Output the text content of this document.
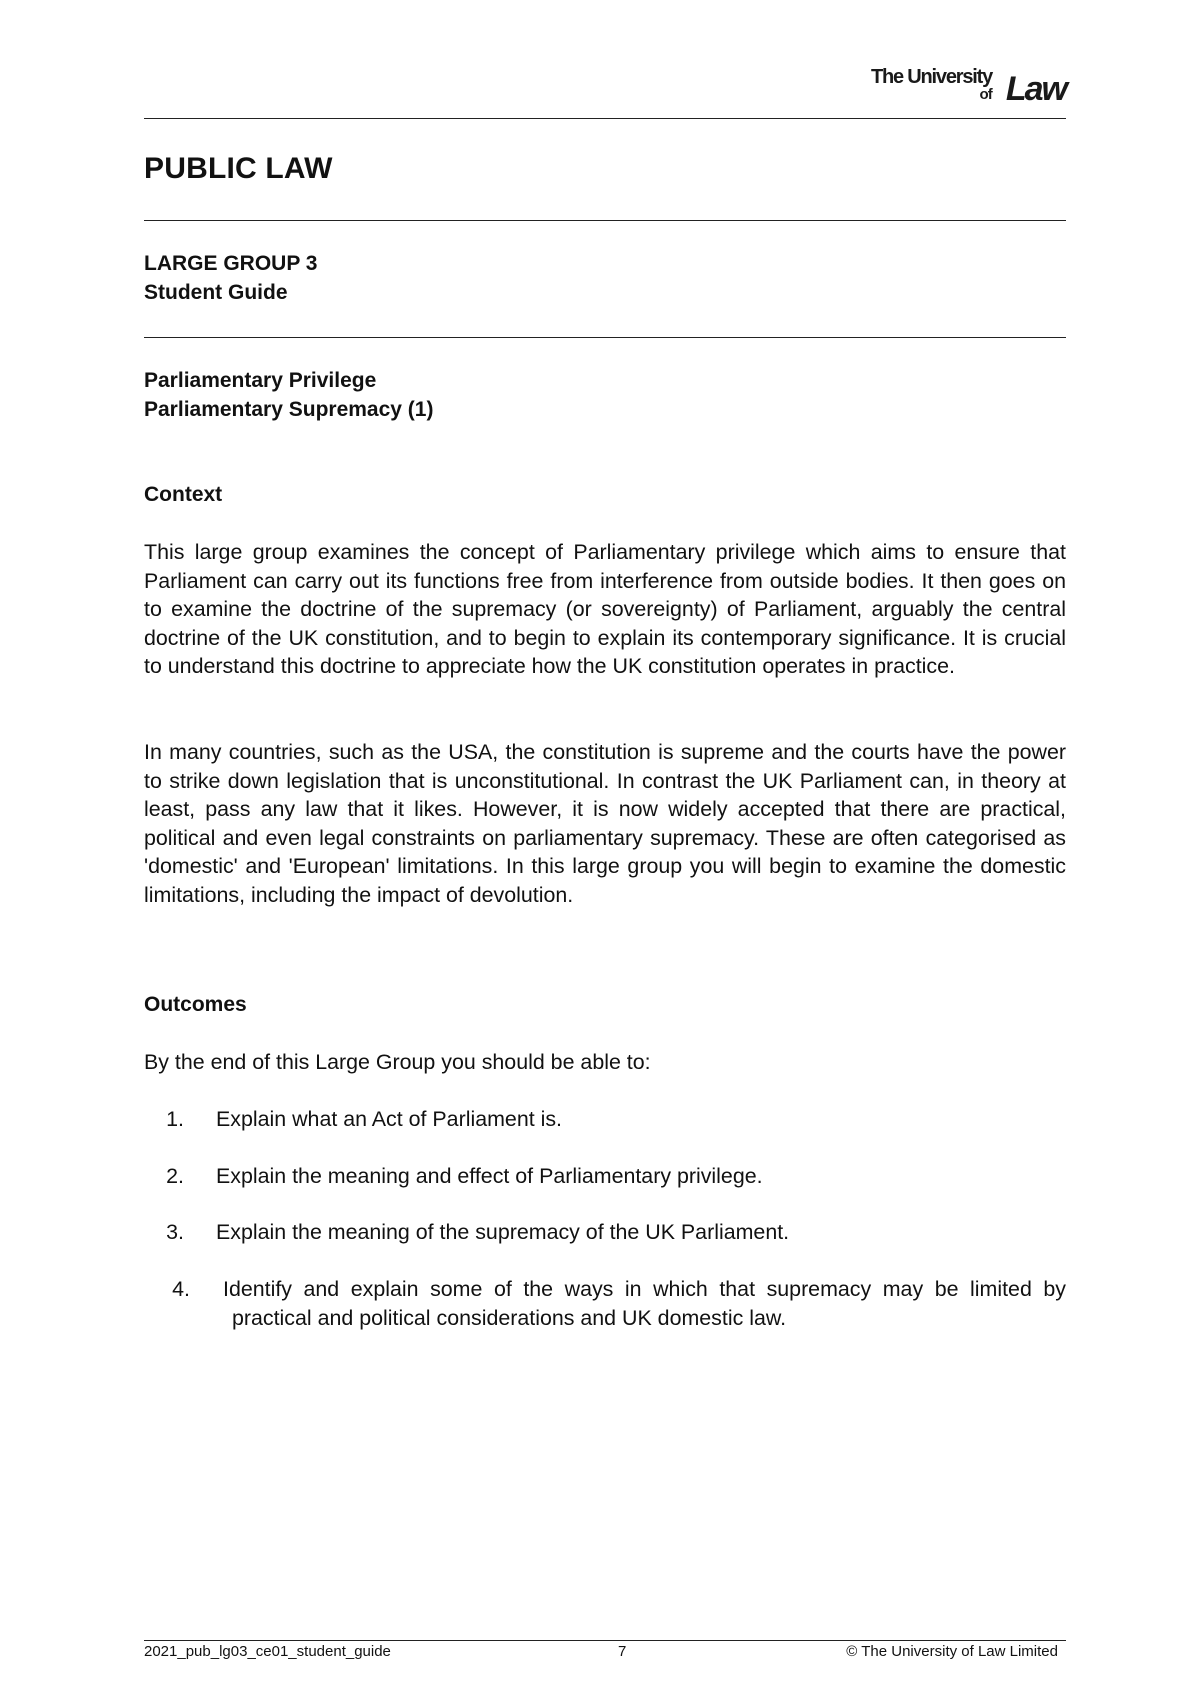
The University
of Law
PUBLIC LAW

LARGE GROUP 3

Student Guide

Parliamentary Privilege

Parliamentary Supremacy (1)

Context

This large group examines the concept of Parliamentary privilege which aims to ensure that Parliament can carry out its functions free from interference from outside bodies. It then goes on to examine the doctrine of the supremacy (or sovereignty) of Parliament, arguably the central doctrine of the UK constitution, and to begin to explain its contemporary significance. It is crucial to understand this doctrine to appreciate how the UK constitution operates in practice.

In many countries, such as the USA, the constitution is supreme and the courts have the power to strike down legislation that is unconstitutional. In contrast the UK Parliament can, in theory at least, pass any law that it likes. However, it is now widely accepted that there are practical, political and even legal constraints on parliamentary supremacy. These are often categorised as 'domestic' and 'European' limitations. In this large group you will begin to examine the domestic limitations, including the impact of devolution.

Outcomes

By the end of this Large Group you should be able to:

1. Explain what an Act of Parliament is.
2. Explain the meaning and effect of Parliamentary privilege.
3. Explain the meaning of the supremacy of the UK Parliament.
4. Identify and explain some of the ways in which that supremacy may be limited by practical and political considerations and UK domestic law.
2021_pub_lg03_ce01_student_guide	7	© The University of Law Limited
